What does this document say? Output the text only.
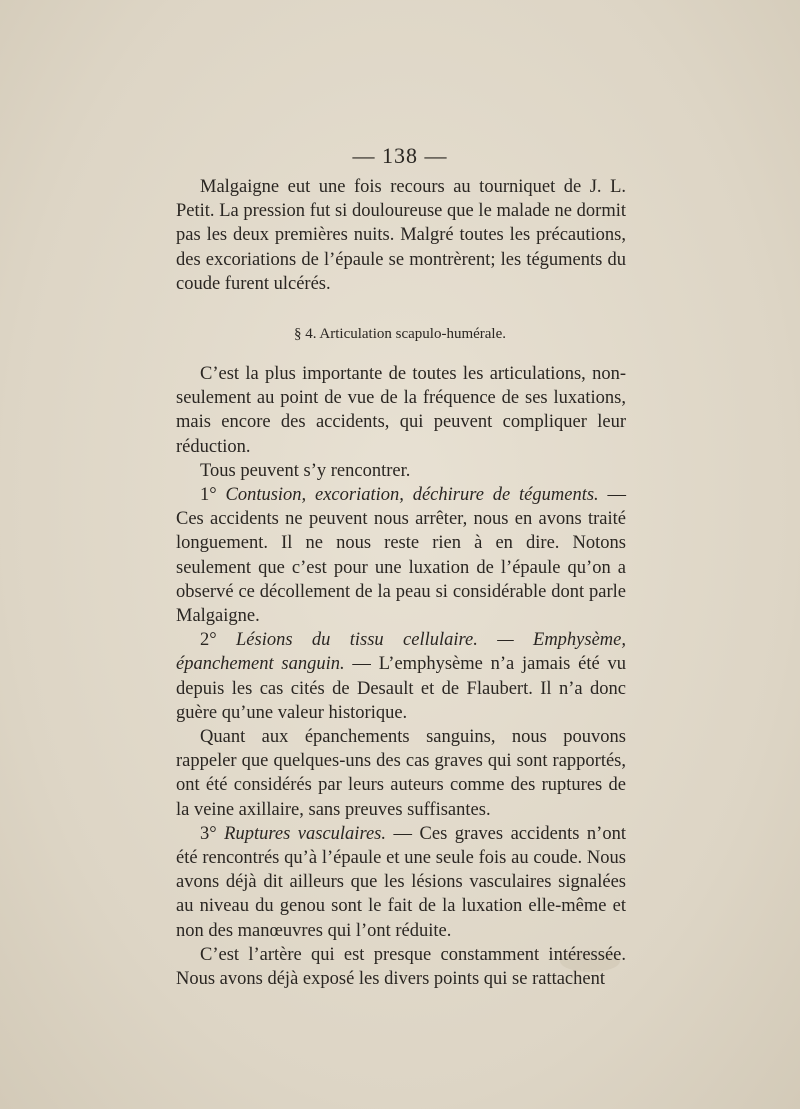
— 138 —

Malgaigne eut une fois recours au tourniquet de J. L. Petit. La pression fut si douloureuse que le malade ne dormit pas les deux premières nuits. Malgré toutes les précautions, des excoriations de l’épaule se montrèrent; les téguments du coude furent ulcérés.

§ 4. Articulation scapulo-humérale.

C’est la plus importante de toutes les articulations, non-seulement au point de vue de la fréquence de ses luxations, mais encore des accidents, qui peuvent compliquer leur réduction.

Tous peuvent s’y rencontrer.

1° Contusion, excoriation, déchirure de téguments. — Ces accidents ne peuvent nous arrêter, nous en avons traité longuement. Il ne nous reste rien à en dire. Notons seulement que c’est pour une luxation de l’épaule qu’on a observé ce décollement de la peau si considérable dont parle Malgaigne.

2° Lésions du tissu cellulaire. — Emphysème, épanchement sanguin. — L’emphysème n’a jamais été vu depuis les cas cités de Desault et de Flaubert. Il n’a donc guère qu’une valeur historique.

Quant aux épanchements sanguins, nous pouvons rappeler que quelques-uns des cas graves qui sont rapportés, ont été considérés par leurs auteurs comme des ruptures de la veine axillaire, sans preuves suffisantes.

3° Ruptures vasculaires. — Ces graves accidents n’ont été rencontrés qu’à l’épaule et une seule fois au coude. Nous avons déjà dit ailleurs que les lésions vasculaires signalées au niveau du genou sont le fait de la luxation elle-même et non des manœuvres qui l’ont réduite.

C’est l’artère qui est presque constamment intéressée. Nous avons déjà exposé les divers points qui se rattachent
